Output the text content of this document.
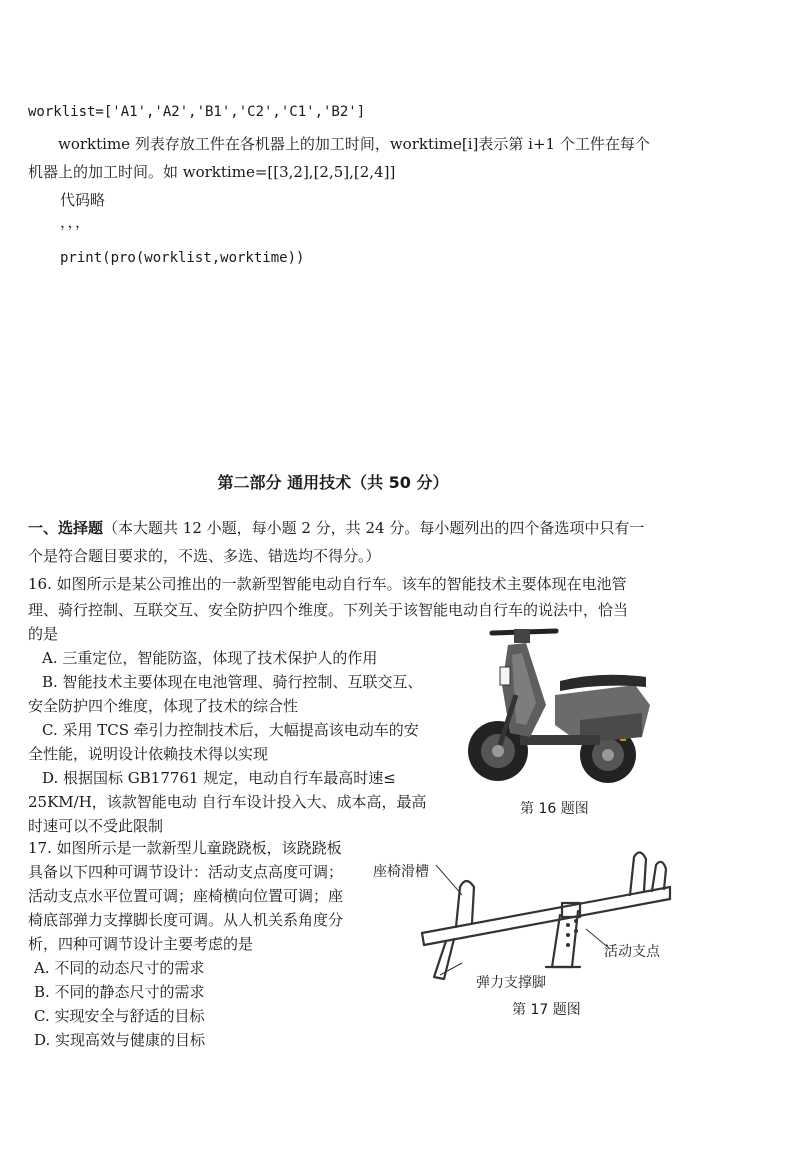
worklist=['A1','A2','B1','C2','C1','B2']
worktime 列表存放工件在各机器上的加工时间，worktime[i]表示第 i+1 个工件在每个
机器上的加工时间。如 worktime=[[3,2],[2,5],[2,4]]
代码略
，，，
print(pro(worklist,worktime))
第二部分 通用技术（共 50 分）
一、选择题（本大题共 12 小题，每小题 2 分，共 24 分。每小题列出的四个备选项中只有一
个是符合题目要求的，不选、多选、错选均不得分。）
16. 如图所示是某公司推出的一款新型智能电动自行车。该车的智能技术主要体现在电池管
理、骑行控制、互联交互、安全防护四个维度。下列关于该智能电动自行车的说法中，恰当
的是
A. 三重定位，智能防盗，体现了技术保护人的作用
B. 智能技术主要体现在电池管理、骑行控制、互联交互、
安全防护四个维度，体现了技术的综合性
C. 采用 TCS 牵引力控制技术后，大幅提高该电动车的安
全性能，说明设计依赖技术得以实现
D. 根据国标 GB17761 规定，电动自行车最高时速≤
25KM/H，该款智能电动 自行车设计投入大、成本高，最高
时速可以不受此限制
第 16 题图
17. 如图所示是一款新型儿童跷跷板，该跷跷板
具备以下四种可调节设计：活动支点高度可调；
活动支点水平位置可调；座椅横向位置可调；座
椅底部弹力支撑脚长度可调。从人机关系角度分
析，四种可调节设计主要考虑的是
A. 不同的动态尺寸的需求
B. 不同的静态尺寸的需求
C. 实现安全与舒适的目标
D. 实现高效与健康的目标
座椅滑槽
活动支点
弹力支撑脚
第 17 题图
